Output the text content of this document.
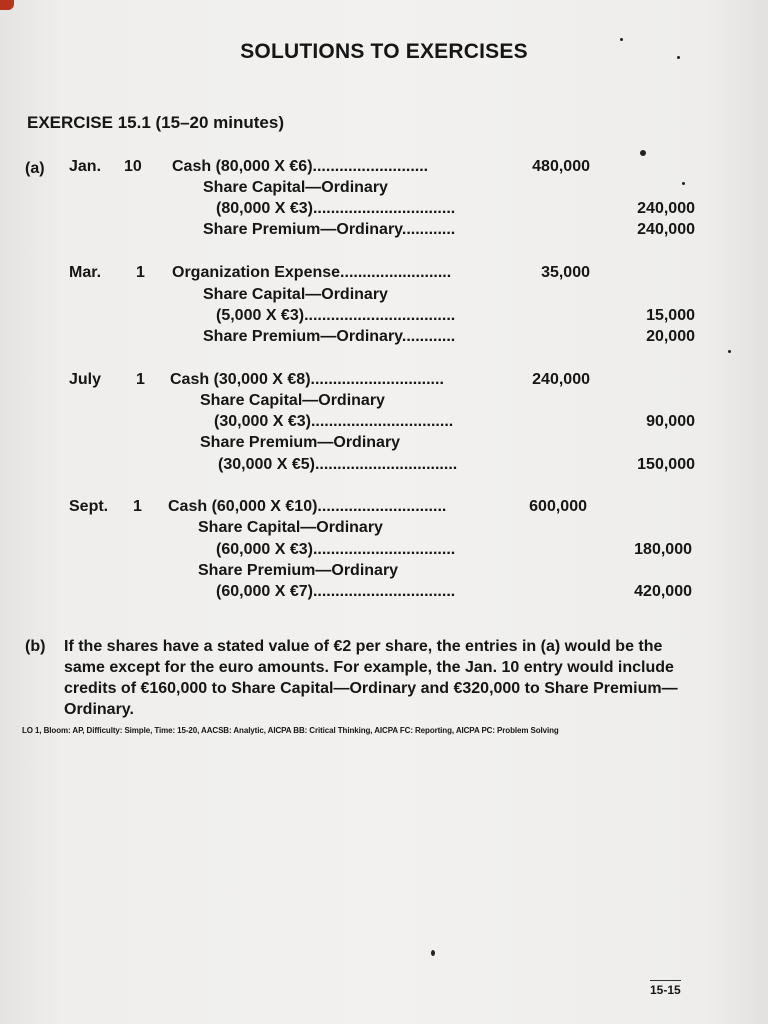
SOLUTIONS TO EXERCISES
EXERCISE 15.1 (15–20 minutes)
(a) Jan. 10 Cash (80,000 X €6)..........................	480,000
Share Capital—Ordinary
(80,000 X €3)................................	240,000
Share Premium—Ordinary............	240,000
Mar. 1 Organization Expense.........................	35,000
Share Capital—Ordinary
(5,000 X €3)..................................	15,000
Share Premium—Ordinary............	20,000
July 1 Cash (30,000 X €8)..............................	240,000
Share Capital—Ordinary
(30,000 X €3)................................	90,000
Share Premium—Ordinary
(30,000 X €5)................................	150,000
Sept. 1 Cash (60,000 X €10).............................	600,000
Share Capital—Ordinary
(60,000 X €3)................................	180,000
Share Premium—Ordinary
(60,000 X €7)................................	420,000
(b) If the shares have a stated value of €2 per share, the entries in (a) would be the same except for the euro amounts. For example, the Jan. 10 entry would include credits of €160,000 to Share Capital—Ordinary and €320,000 to Share Premium—Ordinary.
LO 1, Bloom: AP, Difficulty: Simple, Time: 15-20, AACSB: Analytic, AICPA BB: Critical Thinking, AICPA FC: Reporting, AICPA PC: Problem Solving
15-15
